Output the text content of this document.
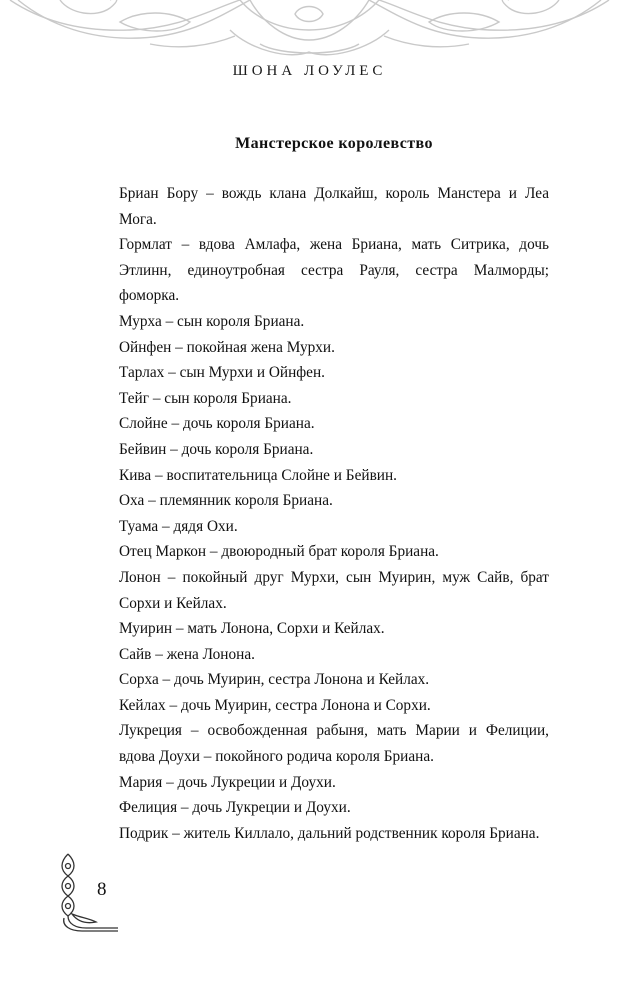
ШОНА ЛОУЛЕС
Манстерское королевство

Бриан Бору – вождь клана Долкайш, король Манстера и Леа Мога.

Гормлат – вдова Амлафа, жена Бриана, мать Ситрика, дочь Этлинн, единоутробная сестра Рауля, сестра Малморды; фоморка.

Мурха – сын короля Бриана.

Ойнфен – покойная жена Мурхи.

Тарлах – сын Мурхи и Ойнфен.

Тейг – сын короля Бриана.

Слойне – дочь короля Бриана.

Бейвин – дочь короля Бриана.

Кива – воспитательница Слойне и Бейвин.

Оха – племянник короля Бриана.

Туама – дядя Охи.

Отец Маркон – двоюродный брат короля Бриана.

Лонон – покойный друг Мурхи, сын Муирин, муж Сайв, брат Сорхи и Кейлах.

Муирин – мать Лонона, Сорхи и Кейлах.

Сайв – жена Лонона.

Сорха – дочь Муирин, сестра Лонона и Кейлах.

Кейлах – дочь Муирин, сестра Лонона и Сорхи.

Лукреция – освобожденная рабыня, мать Марии и Фелиции, вдова Доухи – покойного родича короля Бриана.

Мария – дочь Лукреции и Доухи.

Фелиция – дочь Лукреции и Доухи.

Подрик – житель Киллало, дальний родственник короля Бриана.

8
